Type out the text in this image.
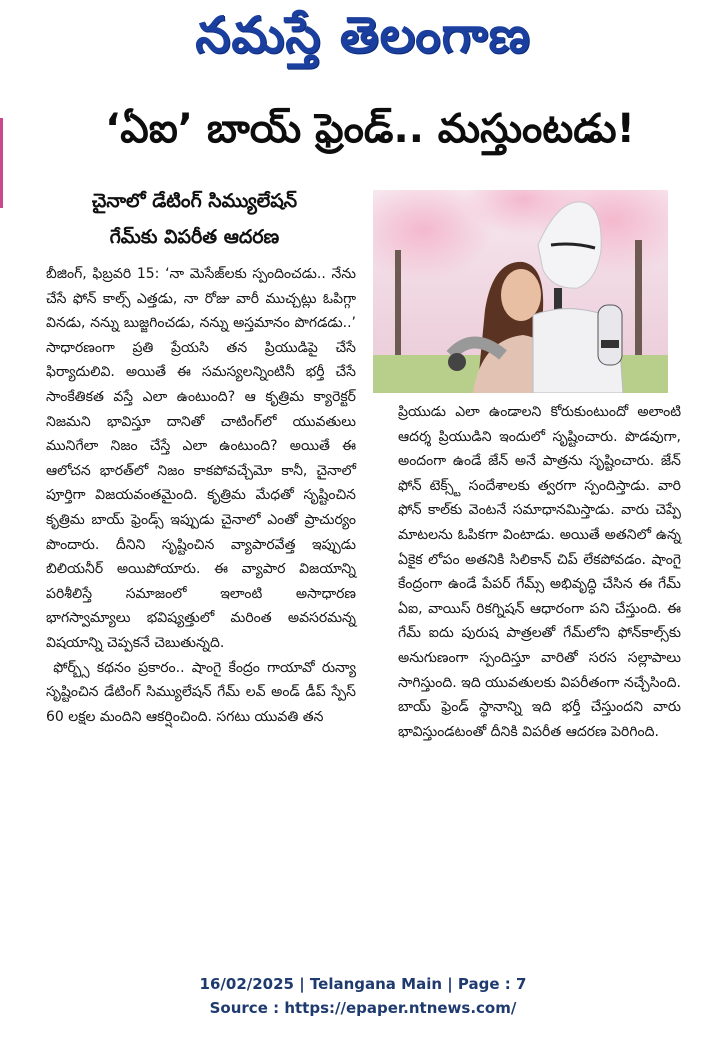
నమస్తే తెలంగాణ
‘ఏఐ’ బాయ్‌ ఫ్రెండ్‌.. మస్తుంటడు!
చైనాలో డేటింగ్‌ సిమ్యులేషన్‌
గేమ్‌కు విపరీత ఆదరణ

బీజింగ్‌, ఫిబ్రవరి 15: ‘నా మెసేజ్‌లకు స్పందించడు.. నేను చేసే ఫోన్‌ కాల్స్‌ ఎత్తడు, నా రోజు వారీ ముచ్చట్లు ఓపిగ్గా వినడు, నన్ను బుజ్జగించడు, నన్ను అస్తమానం పొగడడు..’ సాధారణంగా ప్రతి ప్రేయసి తన ప్రియుడిపై చేసే ఫిర్యాదులివి. అయితే ఈ సమస్యలన్నింటినీ భర్తీ చేసే సాంకేతికత వస్తే ఎలా ఉంటుంది? ఆ కృత్రిమ క్యారెక్టర్‌ నిజమని భావిస్తూ దానితో చాటింగ్‌లో యువతులు మునిగేలా నిజం చేస్తే ఎలా ఉంటుంది? అయితే ఈ ఆలోచన భారత్‌లో నిజం కాకపోవచ్చేమో కానీ, చైనాలో పూర్తిగా విజయవంతమైంది. కృత్రిమ మేధతో సృష్టించిన కృత్రిమ బాయ్‌ ఫ్రెండ్స్‌ ఇప్పుడు చైనాలో ఎంతో ప్రాచుర్యం పొందారు. దీనిని సృష్టించిన వ్యాపారవేత్త ఇప్పుడు బిలియనీర్‌ అయిపోయారు. ఈ వ్యాపార విజయాన్ని పరిశీలిస్తే సమాజంలో ఇలాంటి అసాధారణ భాగస్వామ్యాలు భవిష్యత్తులో మరింత అవసరమన్న విషయాన్ని చెప్పకనే చెబుతున్నది.

ఫోర్బ్స్‌ కథనం ప్రకారం.. షాంగై కేంద్రం గాయావో రున్యా సృష్టించిన డేటింగ్‌ సిమ్యులేషన్‌ గేమ్‌ లవ్‌ అండ్‌ డీప్‌ స్పేస్‌ 60 లక్షల మందిని ఆకర్షించింది. సగటు యువతి తన

ప్రియుడు ఎలా ఉండాలని కోరుకుంటుందో అలాంటి ఆదర్శ ప్రియుడిని ఇందులో సృష్టించారు. పొడవుగా, అందంగా ఉండే జేన్‌ అనే పాత్రను సృష్టించారు. జేన్‌ ఫోన్‌ టెక్స్ట్‌ సందేశాలకు త్వరగా స్పందిస్తాడు. వారి ఫోన్‌ కాల్‌కు వెంటనే సమాధానమిస్తాడు. వారు చెప్పే మాటలను ఓపికగా వింటాడు. అయితే అతనిలో ఉన్న ఏకైక లోపం అతనికి సిలికాన్‌ చిప్‌ లేకపోవడం. షాంగై కేంద్రంగా ఉండే పేపర్‌ గేమ్స్‌ అభివృద్ధి చేసిన ఈ గేమ్‌ ఏఐ, వాయిస్‌ రికగ్నిషన్‌ ఆధారంగా పని చేస్తుంది. ఈ గేమ్‌ ఐదు పురుష పాత్రలతో గేమ్‌లోని ఫోన్‌కాల్స్‌కు అనుగుణంగా స్పందిస్తూ వారితో సరస సల్లాపాలు సాగిస్తుంది. ఇది యువతులకు విపరీతంగా నచ్చేసింది. బాయ్‌ ఫ్రెండ్‌ స్థానాన్ని ఇది భర్తీ చేస్తుందని వారు భావిస్తుండటంతో దీనికి విపరీత ఆదరణ పెరిగింది.

16/02/2025 | Telangana Main | Page : 7
Source : https://epaper.ntnews.com/
